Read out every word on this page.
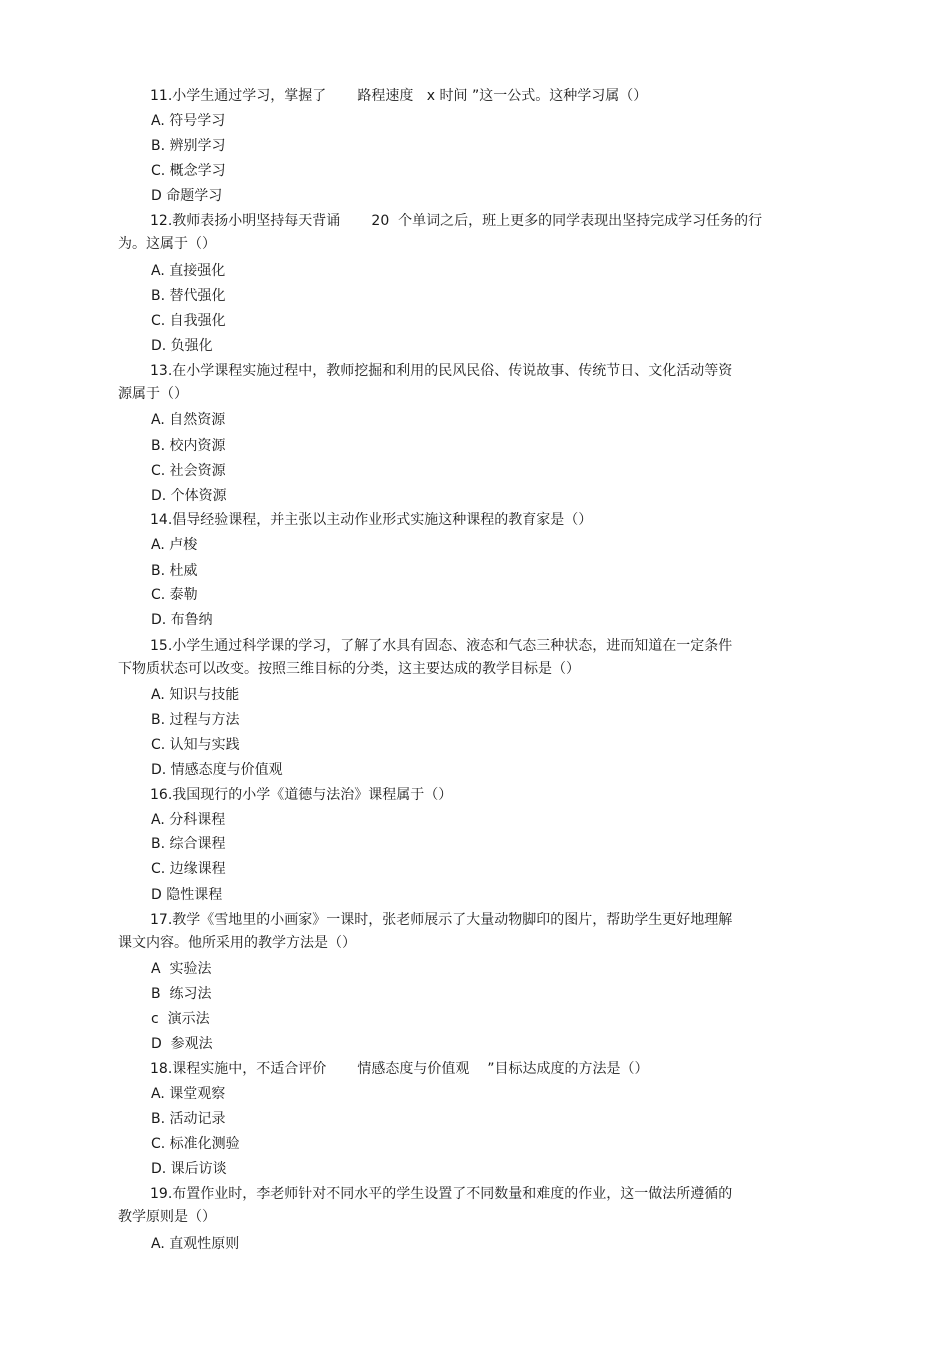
11.小学生通过学习，掌握了       路程速度   x 时间 ”这一公式。这种学习属（）
A. 符号学习
B. 辨别学习
C. 概念学习
D 命题学习
12.教师表扬小明坚持每天背诵       20  个单词之后，班上更多的同学表现出坚持完成学习任务的行
为。这属于（）
A. 直接强化
B. 替代强化
C. 自我强化
D. 负强化
13.在小学课程实施过程中，教师挖掘和利用的民风民俗、传说故事、传统节日、文化活动等资
源属于（）
A. 自然资源
B. 校内资源
C. 社会资源
D. 个体资源
14.倡导经验课程，并主张以主动作业形式实施这种课程的教育家是（）
A. 卢梭
B. 杜威
C. 泰勒
D. 布鲁纳
15.小学生通过科学课的学习，了解了水具有固态、液态和气态三种状态，进而知道在一定条件
下物质状态可以改变。按照三维目标的分类，这主要达成的教学目标是（）
A. 知识与技能
B. 过程与方法
C. 认知与实践
D. 情感态度与价值观
16.我国现行的小学《道德与法治》课程属于（）
A. 分科课程
B. 综合课程
C. 边缘课程
D 隐性课程
17.教学《雪地里的小画家》一课时，张老师展示了大量动物脚印的图片，帮助学生更好地理解
课文内容。他所采用的教学方法是（）
A  实验法
B  练习法
c  演示法
D  参观法
18.课程实施中，不适合评价       情感态度与价值观    ”目标达成度的方法是（）
A. 课堂观察
B. 活动记录
C. 标准化测验
D. 课后访谈
19.布置作业时，李老师针对不同水平的学生设置了不同数量和难度的作业，这一做法所遵循的
教学原则是（）
A. 直观性原则
